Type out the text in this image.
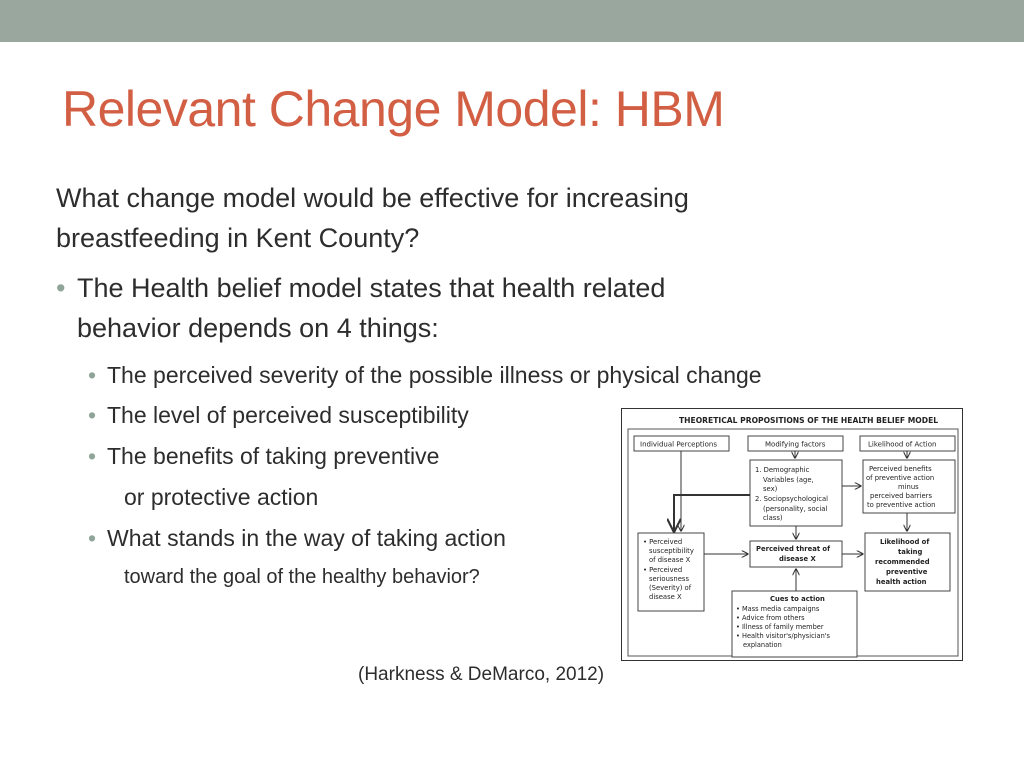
Relevant Change Model: HBM
What change model would be effective for increasing
breastfeeding in Kent County?
• The Health belief model states that health related
behavior depends on 4 things:
• The perceived severity of the possible illness or physical change
• The level of perceived susceptibility
• The benefits of taking preventive
or protective action
• What stands in the way of taking action
toward the goal of the healthy behavior?
THEORETICAL PROPOSITIONS OF THE HEALTH BELIEF MODEL
Individual Perceptions	Modifying factors	Likelihood of Action
1. Demographic
Variables (age,
sex)
2. Sociopsychological
(personality, social
class)
Perceived benefits
of preventive action
minus
perceived barriers
to preventive action
• Perceived
susceptibility
of disease X
• Perceived
seriousness
(Severity) of
disease X
Perceived threat of
disease X
Likelihood of
taking
recommended
preventive
health action
Cues to action
• Mass media campaigns
• Advice from others
• Illness of family member
• Health visitor's/physician's
explanation
(Harkness & DeMarco, 2012)
